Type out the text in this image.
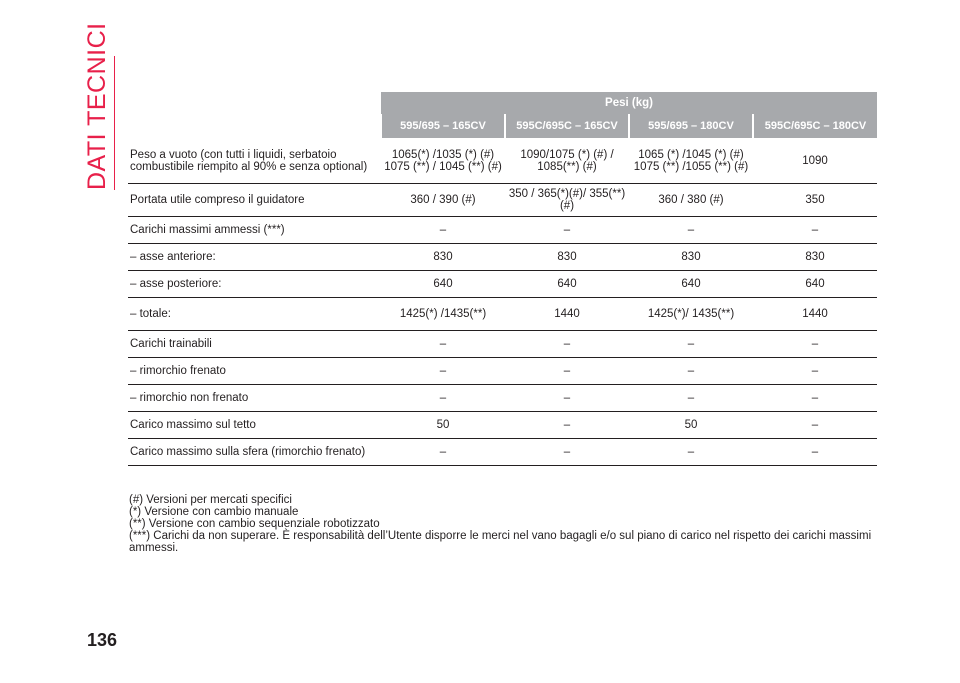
DATI TECNICI
		Pesi (kg)			
	595/695 – 165CV	595C/695C – 165CV	595/695 – 180CV	595C/695C – 180CV
Peso a vuoto (con tutti i liquidi, serbatoio combustibile riempito al 90% e senza optional)	1065(*) /1035 (*) (#) 1075 (**) / 1045 (**) (#)	1090/1075 (*) (#) / 1085(**) (#)	1065 (*) /1045 (*) (#) 1075 (**) /1055 (**) (#)	1090
Portata utile compreso il guidatore	360 / 390 (#)	350 / 365(*)(#)/ 355(**) (#)	360 / 380 (#)	350
Carichi massimi ammessi (***)	–	–	–	–
– asse anteriore:	830	830	830	830
– asse posteriore:	640	640	640	640
– totale:	1425(*) /1435(**)	1440	1425(*)/ 1435(**)	1440
Carichi trainabili	–	–	–	–
– rimorchio frenato	–	–	–	–
– rimorchio non frenato	–	–	–	–
Carico massimo sul tetto	50	–	50	–
Carico massimo sulla sfera (rimorchio frenato)	–	–	–	–
(#) Versioni per mercati specifici
(*) Versione con cambio manuale
(**) Versione con cambio sequenziale robotizzato
(***) Carichi da non superare. È responsabilità dell’Utente disporre le merci nel vano bagagli e/o sul piano di carico nel rispetto dei carichi massimi ammessi.
136
